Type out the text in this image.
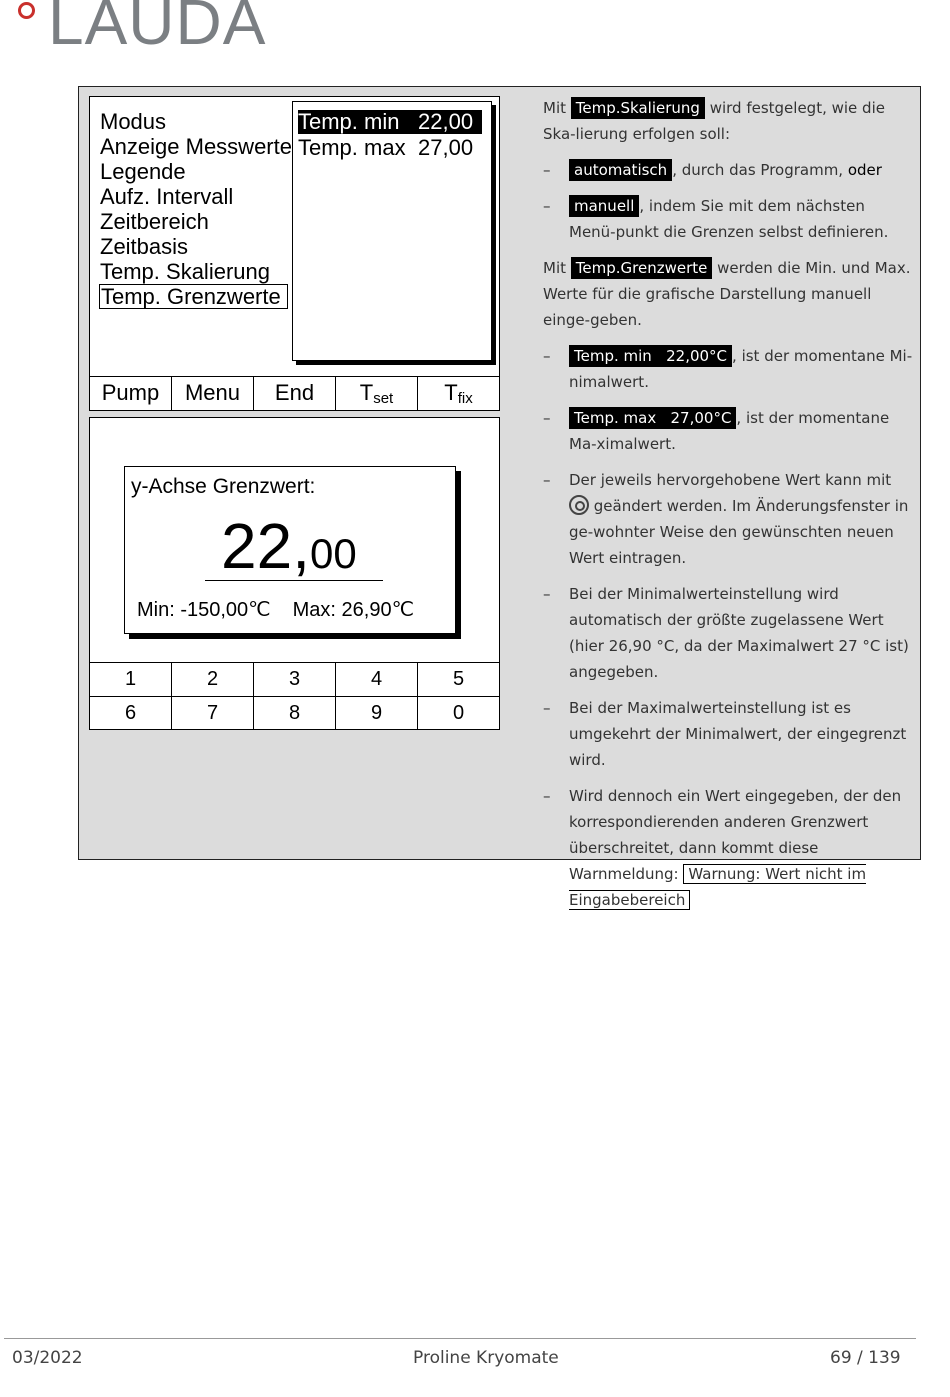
LAUDA
Modus
Anzeige Messwerte
Legende
Aufz. Intervall
Zeitbereich
Zeitbasis
Temp. Skalierung
Temp. Grenzwerte
Temp. min 22,00
Temp. max 27,00
Pump	Menu	End	$T_{set}$	$T_{fix}$
y-Achse Grenzwert:
22,00
Min: -150,00℃ Max: 26,90℃
1	2	3	4	5
6	7	8	9	0

Mit Temp.Skalierung wird festgelegt, wie die Ska-lierung erfolgen soll:

– automatisch , durch das Programm, oder
– manuell , indem Sie mit dem nächsten Menü-punkt die Grenzen selbst definieren.

Mit Temp.Grenzwerte werden die Min. und Max. Werte für die grafische Darstellung manuell einge-geben.

– Temp. min   22,00°C , ist der momentane Mi-nimalwert.
– Temp. max   27,00°C , ist der momentane Ma-ximalwert.
– Der jeweils hervorgehobene Wert kann mit  geändert werden. Im Änderungsfenster in ge-wohnter Weise den gewünschten neuen Wert eintragen.
– Bei der Minimalwerteinstellung wird automatisch der größte zugelassene Wert (hier 26,90 °C, da der Maximalwert 27 °C ist) angegeben.
– Bei der Maximalwerteinstellung ist es umgekehrt der Minimalwert, der eingegrenzt wird.
– Wird dennoch ein Wert eingegeben, der den korrespondierenden anderen Grenzwert überschreitet, dann kommt diese Warnmeldung: Warnung: Wert nicht im Eingabebereich
03/2022	Proline Kryomate	69 / 139
